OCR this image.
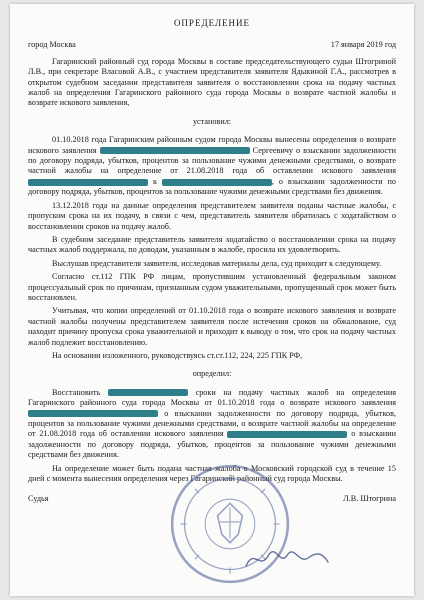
ОПРЕДЕЛЕНИЕ
город Москва	17 января 2019 год

Гагаринский районный суд города Москвы в составе председательствующего судьи Штогриной Л.В., при секретаре Власовой А.В., с участием представителя заявителя Ядыкиной Г.А., рассмотрев в открытом судебном заседании представителя заявителя о восстановлении срока на подачу частных жалоб на определения Гагаринского районного суда города Москвы о возврате частной жалобы и возврате искового заявления,

установил:

01.10.2018 года Гагаринским районным судом города Москвы вынесены определения о возврате искового заявления	Сергеевичу о взыскании задолженности по договору подряда, убытков, процентов за пользование чужими денежными средствами, о возврате частной жалобы на определение от 21.08.2018 года об оставлении искового заявления  к	, о взыскании задолженности по договору подряда, убытков, процентов за пользование чужими денежными средствами без движения.

13.12.2018 года на данные определения представителем заявителя поданы частные жалобы, с пропуском срока на их подачу, в связи с чем, представитель заявителя обратилась с ходатайством о восстановлении сроков на подачу жалоб.

В судебном заседание представитель заявителя ходатайство о восстановлении срока на подачу частных жалоб поддержала, по доводам, указанным в жалобе, просила их удовлетворить.

Выслушав представителя заявителя, исследовав материалы дела, суд приходит к следующему.

Согласно ст.112 ГПК РФ лицам, пропустившим установленный федеральным законом процессуальный срок по причинам, признанным судом уважительными, пропущенный срок может быть восстановлен.

Учитывая, что копии определений от 01.10.2018 года о возврате искового заявления и возврате частной жалобы получены представителем заявителя после истечения сроков на обжалование, суд находит причину пропуска срока уважительной и приходит к выводу о том, что срок на подачу частных жалоб подлежит восстановлению.

На основании изложенного, руководствуясь ст.ст.112, 224, 225 ГПК РФ,

определил:

Восстановить	сроки на подачу частных жалоб на определения Гагаринского районного суда города Москвы от 01.10.2018 года о возврате искового заявления  о взыскании задолженности по договору подряда, убытков, процентов за пользование чужими денежными средствами, о возврате частной жалобы на определение от 21.08.2018 года об оставлении искового заявления	о взыскании задолженности по договору подряда, убытков, процентов за пользование чужими денежными средствами без движения.

На определение может быть подана частная жалоба в Московский городской суд в течение 15 дней с момента вынесения определения через Гагаринский районный суд города Москвы.

Судья	Л.В. Штогрина
